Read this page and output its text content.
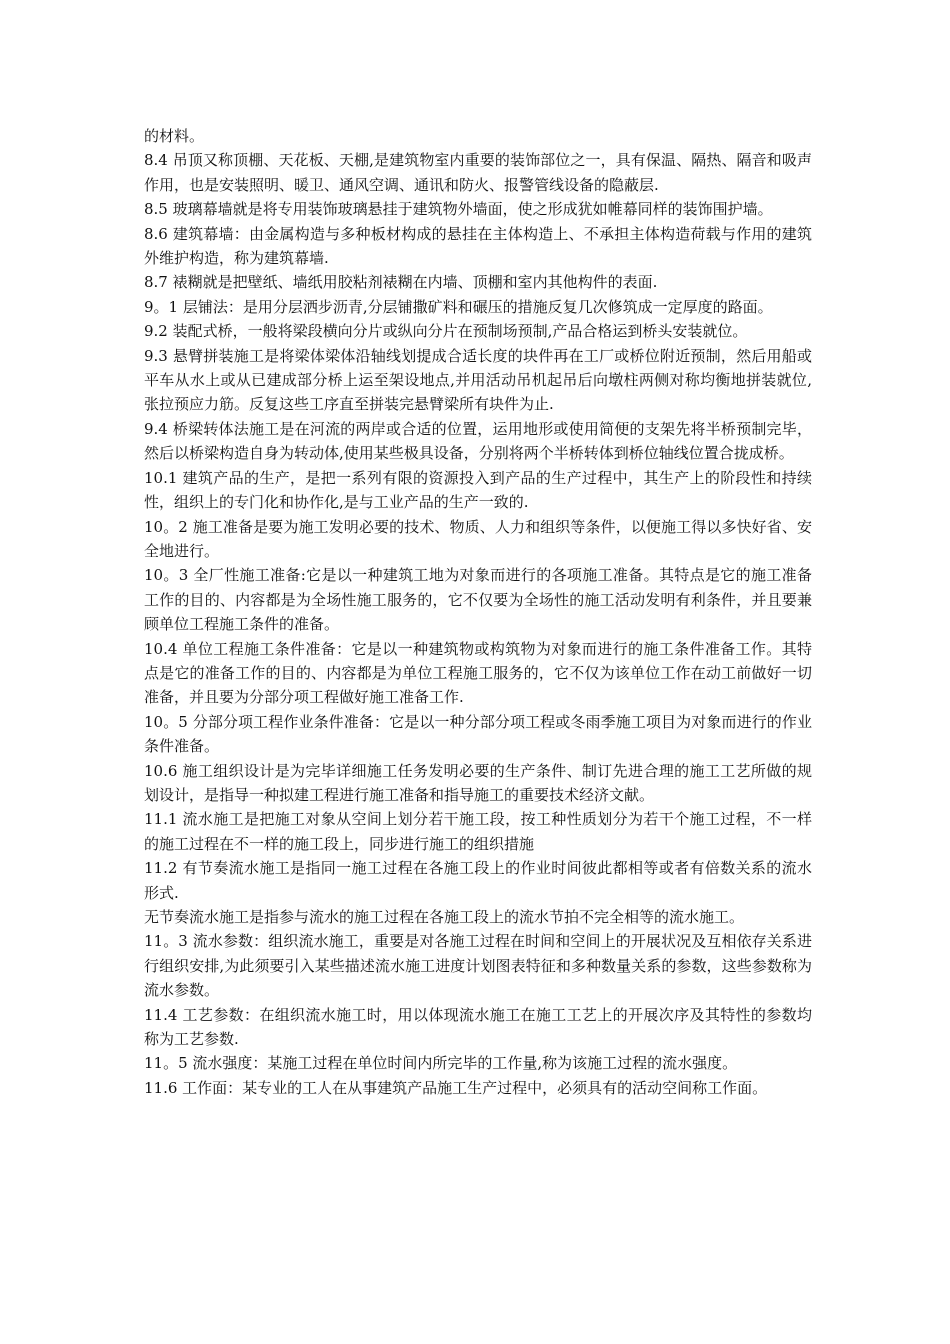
的材料。

8.4 吊顶又称顶棚、天花板、天棚,是建筑物室内重要的装饰部位之一，具有保温、隔热、隔音和吸声作用，也是安装照明、暖卫、通风空调、通讯和防火、报警管线设备的隐蔽层.

8.5 玻璃幕墙就是将专用装饰玻璃悬挂于建筑物外墙面，使之形成犹如帷幕同样的装饰围护墙。

8.6 建筑幕墙：由金属构造与多种板材构成的悬挂在主体构造上、不承担主体构造荷载与作用的建筑外维护构造，称为建筑幕墙.

8.7 裱糊就是把壁纸、墙纸用胶粘剂裱糊在内墙、顶棚和室内其他构件的表面.

9。1 层铺法：是用分层洒步沥青,分层铺撒矿料和碾压的措施反复几次修筑成一定厚度的路面。

9.2 装配式桥，一般将梁段横向分片或纵向分片在预制场预制,产品合格运到桥头安装就位。

9.3 悬臂拼装施工是将梁体梁体沿轴线划提成合适长度的块件再在工厂或桥位附近预制，然后用船或平车从水上或从已建成部分桥上运至架设地点,并用活动吊机起吊后向墩柱两侧对称均衡地拼装就位,张拉预应力筋。反复这些工序直至拼装完悬臂梁所有块件为止.

9.4 桥梁转体法施工是在河流的两岸或合适的位置，运用地形或使用简便的支架先将半桥预制完毕，然后以桥梁构造自身为转动体,使用某些极具设备，分别将两个半桥转体到桥位轴线位置合拢成桥。

10.1 建筑产品的生产，是把一系列有限的资源投入到产品的生产过程中，其生产上的阶段性和持续性，组织上的专门化和协作化,是与工业产品的生产一致的.

10。2 施工准备是要为施工发明必要的技术、物质、人力和组织等条件，以便施工得以多快好省、安全地进行。

10。3 全厂性施工准备:它是以一种建筑工地为对象而进行的各项施工准备。其特点是它的施工准备工作的目的、内容都是为全场性施工服务的，它不仅要为全场性的施工活动发明有利条件，并且要兼顾单位工程施工条件的准备。

10.4 单位工程施工条件准备：它是以一种建筑物或构筑物为对象而进行的施工条件准备工作。其特点是它的准备工作的目的、内容都是为单位工程施工服务的，它不仅为该单位工作在动工前做好一切准备，并且要为分部分项工程做好施工准备工作.

10。5 分部分项工程作业条件准备：它是以一种分部分项工程或冬雨季施工项目为对象而进行的作业条件准备。

10.6 施工组织设计是为完毕详细施工任务发明必要的生产条件、制订先进合理的施工工艺所做的规划设计，是指导一种拟建工程进行施工准备和指导施工的重要技术经济文献。

11.1 流水施工是把施工对象从空间上划分若干施工段，按工种性质划分为若干个施工过程，不一样的施工过程在不一样的施工段上，同步进行施工的组织措施

11.2 有节奏流水施工是指同一施工过程在各施工段上的作业时间彼此都相等或者有倍数关系的流水形式.

无节奏流水施工是指参与流水的施工过程在各施工段上的流水节拍不完全相等的流水施工。

11。3 流水参数：组织流水施工，重要是对各施工过程在时间和空间上的开展状况及互相依存关系进行组织安排,为此须要引入某些描述流水施工进度计划图表特征和多种数量关系的参数，这些参数称为流水参数。

11.4 工艺参数：在组织流水施工时，用以体现流水施工在施工工艺上的开展次序及其特性的参数均称为工艺参数.

11。5 流水强度：某施工过程在单位时间内所完毕的工作量,称为该施工过程的流水强度。

11.6 工作面：某专业的工人在从事建筑产品施工生产过程中，必须具有的活动空间称工作面。
